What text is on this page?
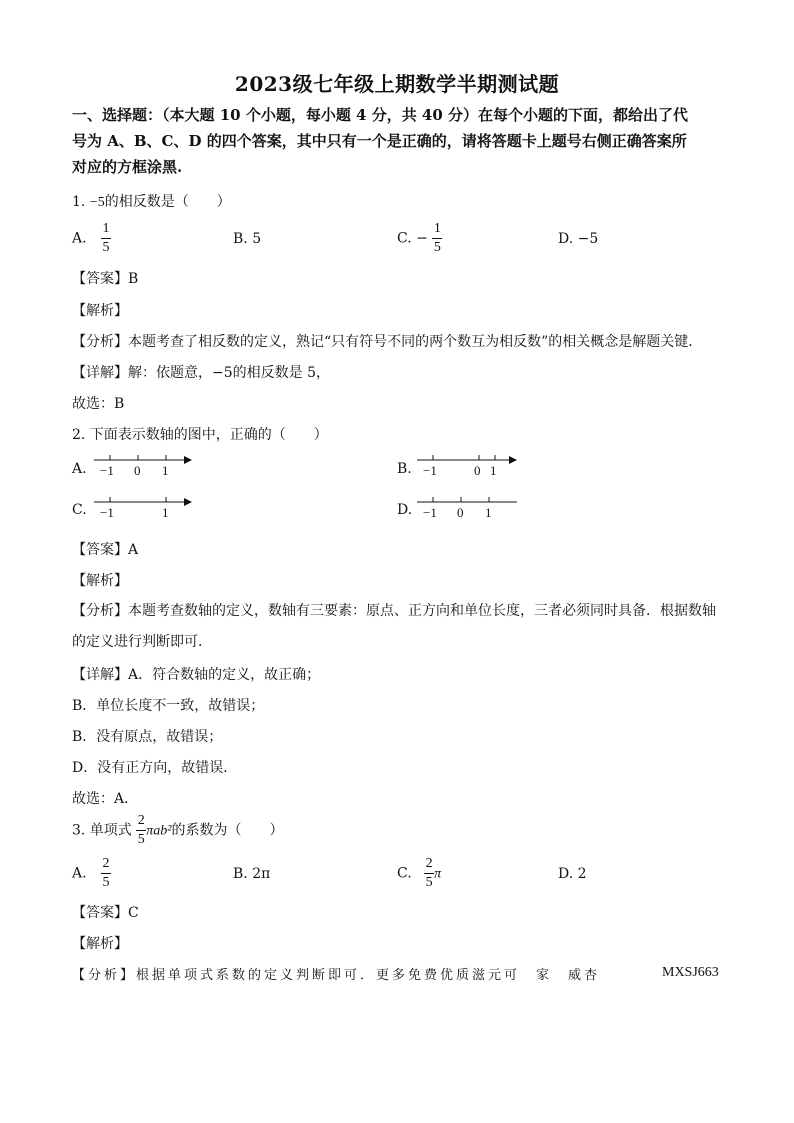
2023级七年级上期数学半期测试题
一、选择题：（本大题 10 个小题，每小题 4 分，共 40 分）在每个小题的下面，都给出了代
号为 A、B、C、D 的四个答案，其中只有一个是正确的，请将答题卡上题号右侧正确答案所
对应的方框涂黑.
1. −5的相反数是（　　）
A. $\frac{1}{5}$	B. 5	C. − $\frac{1}{5}$	D. −5
【答案】B
【解析】
【分析】本题考查了相反数的定义，熟记“只有符号不同的两个数互为相反数”的相关概念是解题关键．
【详解】解：依题意，−5的相反数是 5，
故选：B
2. 下面表示数轴的图中，正确的（　　）
A. −1 0 1	B. −1	0 1
C. −1	1	D. −1 0 1
【答案】A
【解析】
【分析】本题考查数轴的定义，数轴有三要素：原点、正方向和单位长度，三者必须同时具备．根据数轴
的定义进行判断即可．
【详解】A．符合数轴的定义，故正确；
B．单位长度不一致，故错误；
B．没有原点，故错误；
D．没有正方向，故错误．
故选：A．
3. 单项式 $\frac{2}{5} \pi ab^2$的系数为（　　）
A. $\frac{2}{5}$	B. 2π	C. $\frac{2}{5}$ π	D. 2
【答案】C
【解析】
【分析】根据单项式系数的定义判断即可．更多免费优质滋元可　家　威杏	MXSJ663
